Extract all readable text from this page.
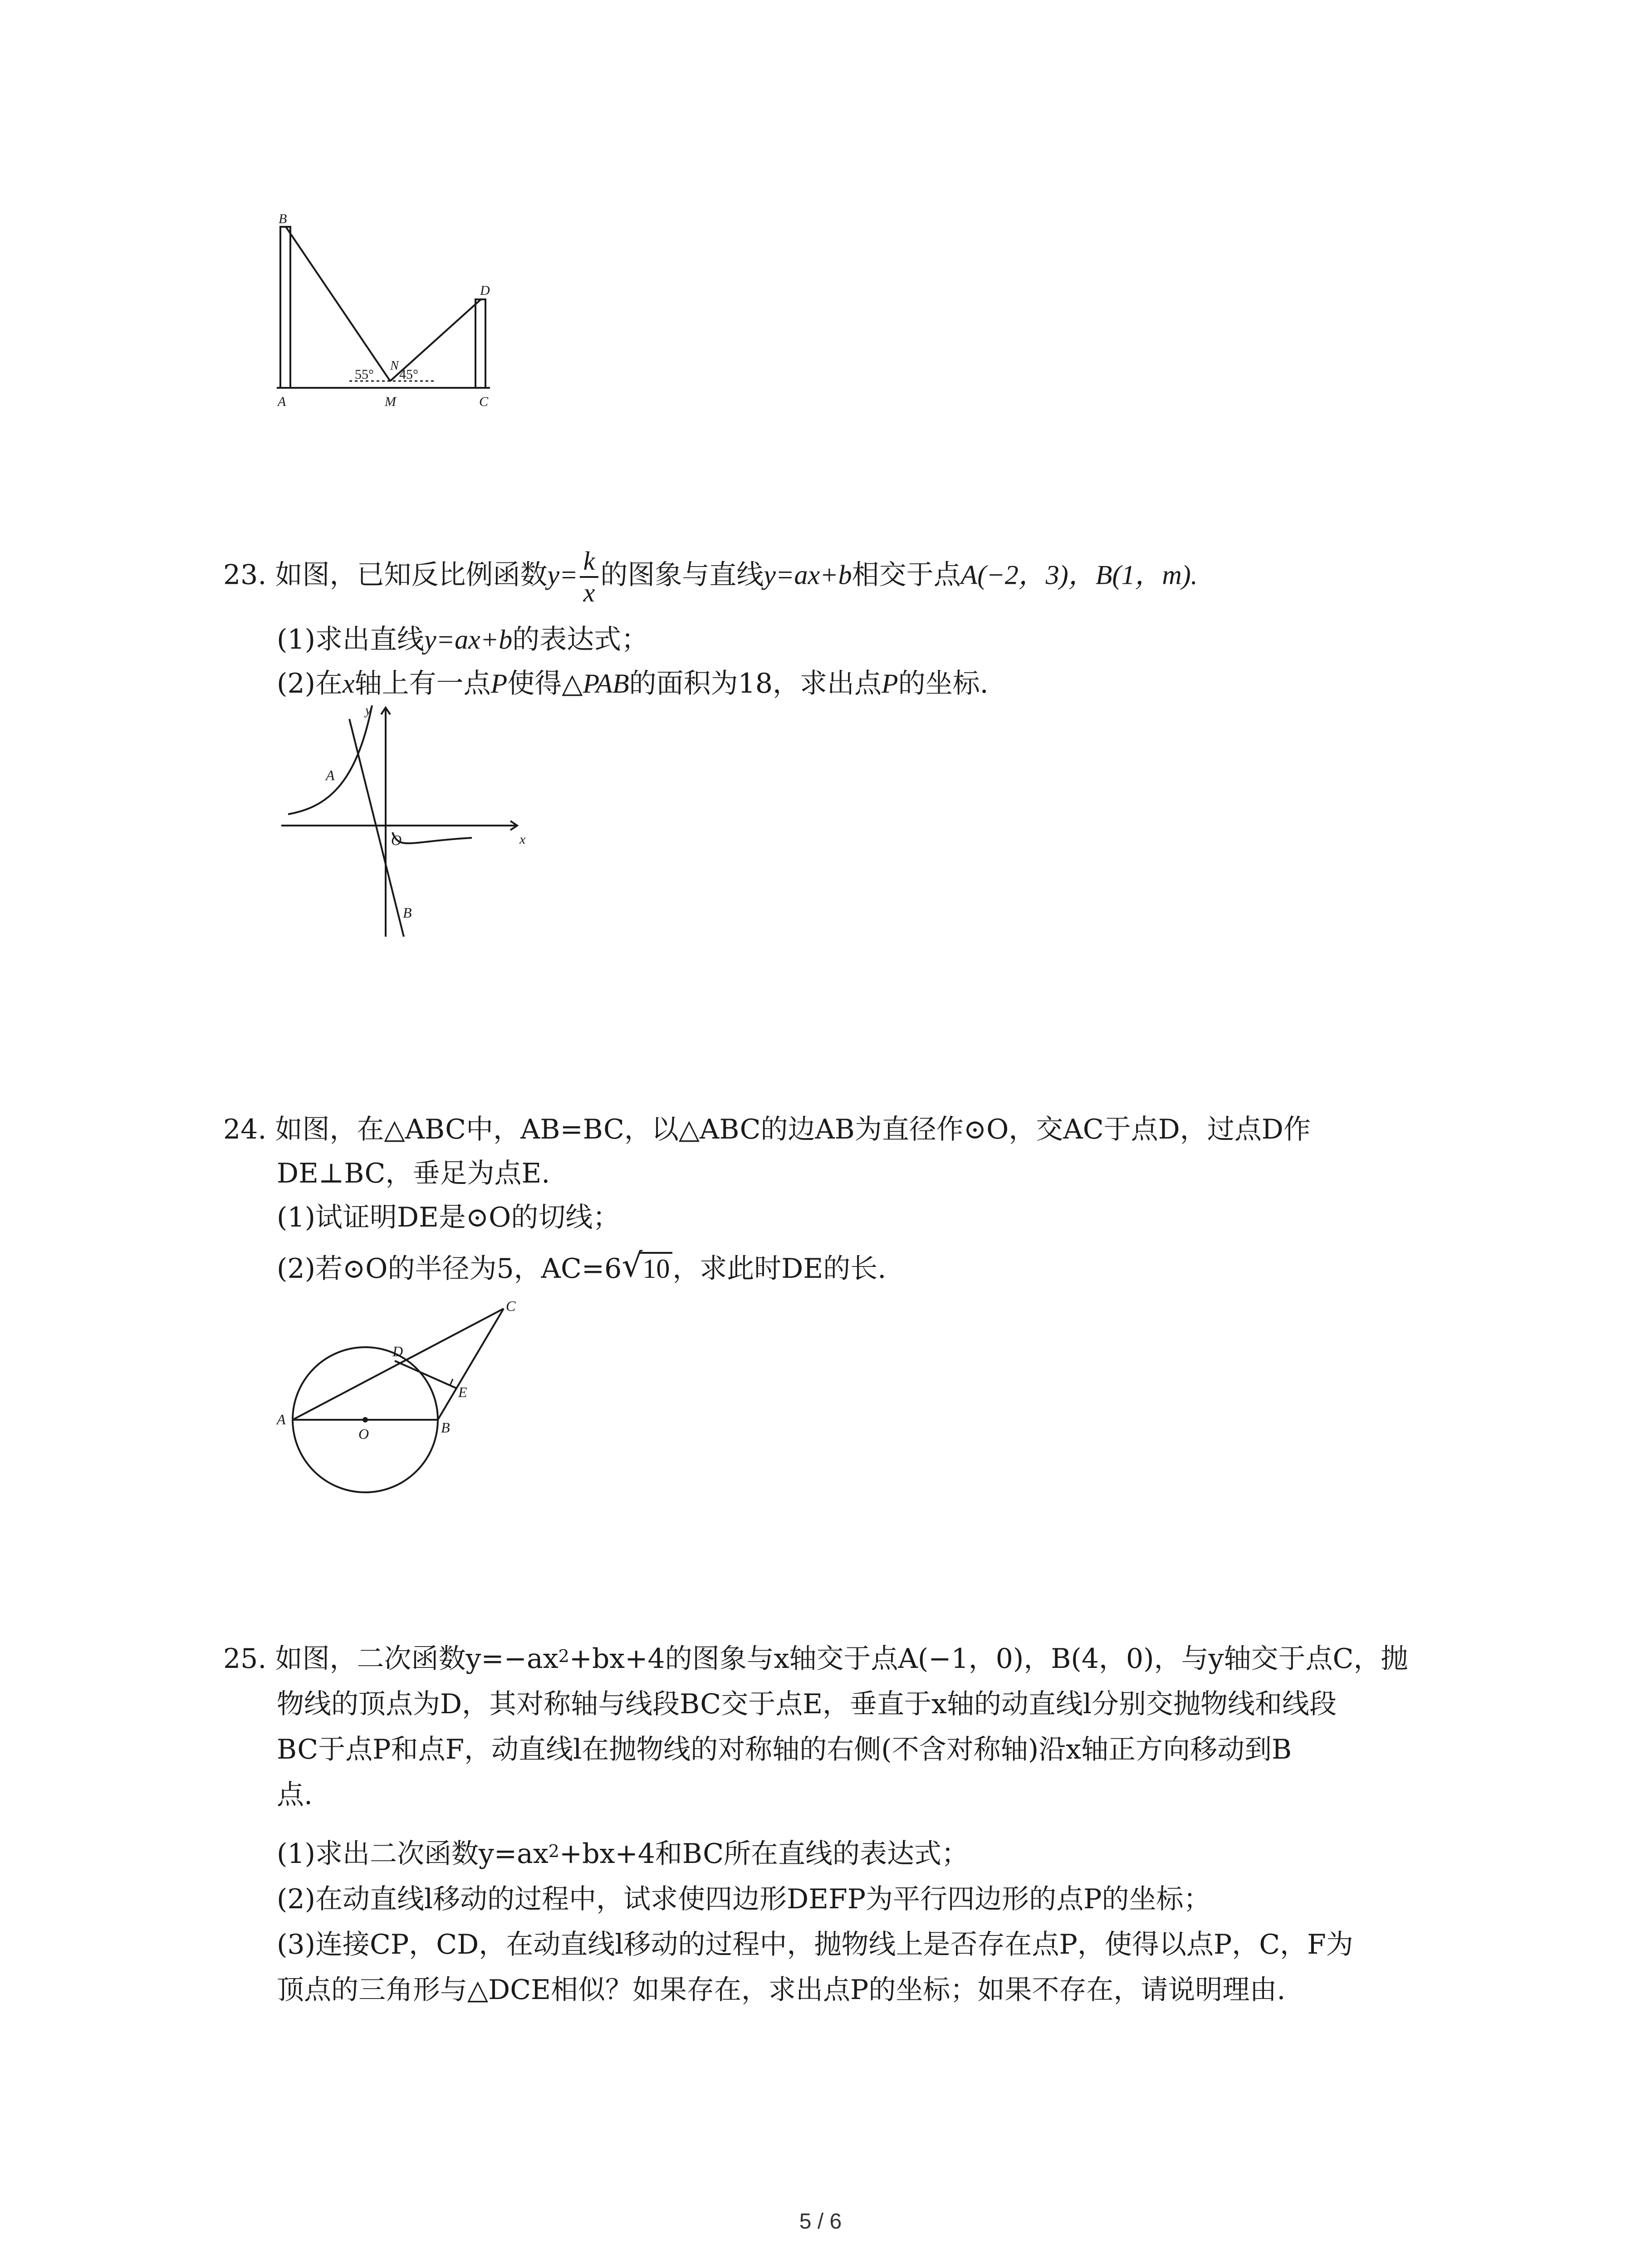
B
D
N
55° 45°
A	M	C
23. 如图，已知反比例函数$y= \frac{k}{x}$ 的图象与直线y=ax+b相交于点A(−2，3)，B(1，m).
(1)求出直线y=ax+b的表达式；
(2)在x轴上有一点P使得△PAB的面积为18，求出点P的坐标.
y
x
O
A
B
24. 如图，在△ABC中，AB=BC，以△ABC的边AB为直径作⊙O，交AC于点D，过点D作
DE⊥BC，垂足为点E.
(1)试证明DE是⊙O的切线；
(2)若⊙O的半径为5，AC=6 √ 10 ，求此时DE的长.
A
O	B
C
D
E
25. 如图，二次函数$y=-ax^2+bx+4$的图象与x轴交于点A(−1，0)，B(4，0)，与y轴交于点C，抛
物线的顶点为D，其对称轴与线段BC交于点E，垂直于x轴的动直线l分别交抛物线和线段
BC于点P和点F，动直线l在抛物线的对称轴的右侧(不含对称轴)沿x轴正方向移动到B
点.
(1)求出二次函数$y=ax^2+bx+4$和BC所在直线的表达式；
(2)在动直线l移动的过程中，试求使四边形DEFP为平行四边形的点P的坐标；
(3)连接CP，CD，在动直线l移动的过程中，抛物线上是否存在点P，使得以点P，C，F为
顶点的三角形与△DCE相似？如果存在，求出点P的坐标；如果不存在，请说明理由.
5 / 6
